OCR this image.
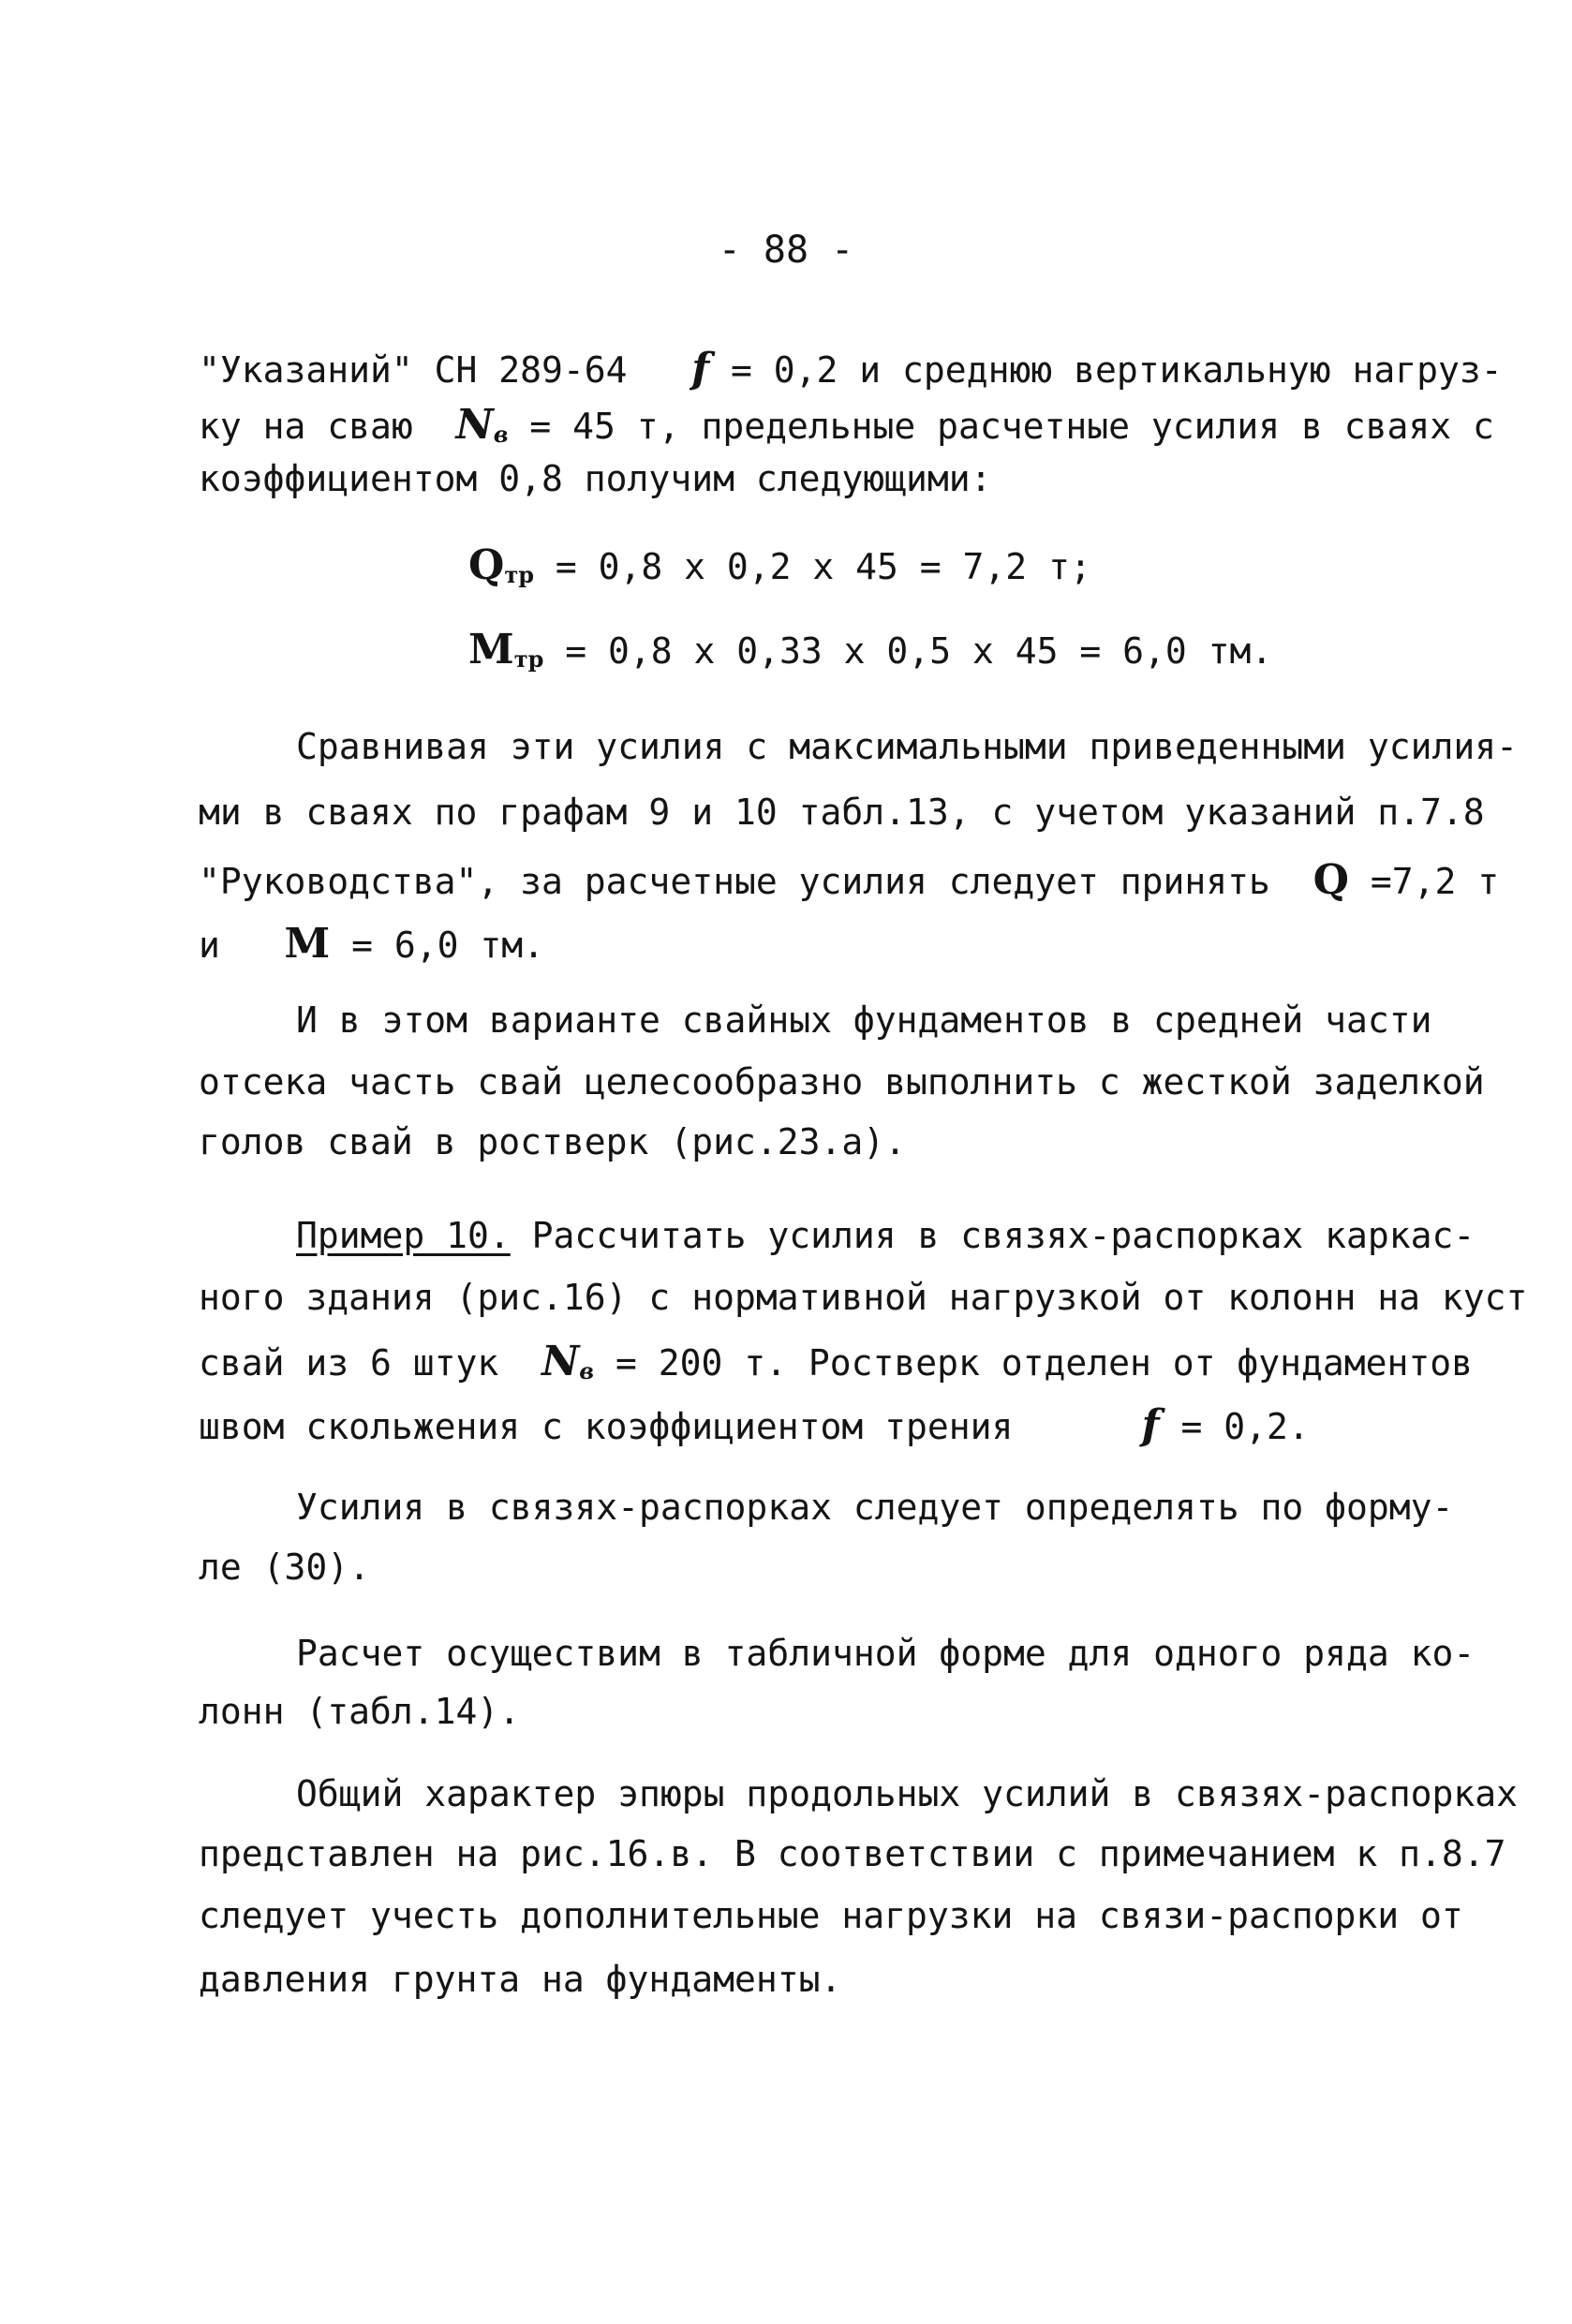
- 88 -
"Указаний" СН 289-64 f = 0,2 и среднюю вертикальную нагруз-
ку на сваю $N_в = 45$ т, предельные расчетные усилия в сваях с
коэффициентом 0,8 получим следующими:
$Q_{тр} = 0,8$ x 0,2 x 45 = 7,2 т;
$M_{тр} = 0,8$ x 0,33 x 0,5 x 45 = 6,0 тм.
Сравнивая эти усилия с максимальными приведенными усилия-
ми в сваях по графам 9 и 10 табл.13, с учетом указаний п.7.8
"Руководства", за расчетные усилия следует принять Q =7,2 т
и M = 6,0 тм.
И в этом варианте свайных фундаментов в средней части
отсека часть свай целесообразно выполнить с жесткой заделкой
голов свай в ростверк (рис.23.а).
Пример 10. Рассчитать усилия в связях-распорках каркас-
ного здания (рис.16) с нормативной нагрузкой от колонн на куст
свай из 6 штук $N_в = 200$ т. Ростверк отделен от фундаментов
швом скольжения с коэффициентом трения	f = 0,2.
Усилия в связях-распорках следует определять по форму-
ле (30).
Расчет осуществим в табличной форме для одного ряда ко-
лонн (табл.14).
Общий характер эпюры продольных усилий в связях-распорках
представлен на рис.16.в. В соответствии с примечанием к п.8.7
следует учесть дополнительные нагрузки на связи-распорки от
давления грунта на фундаменты.
